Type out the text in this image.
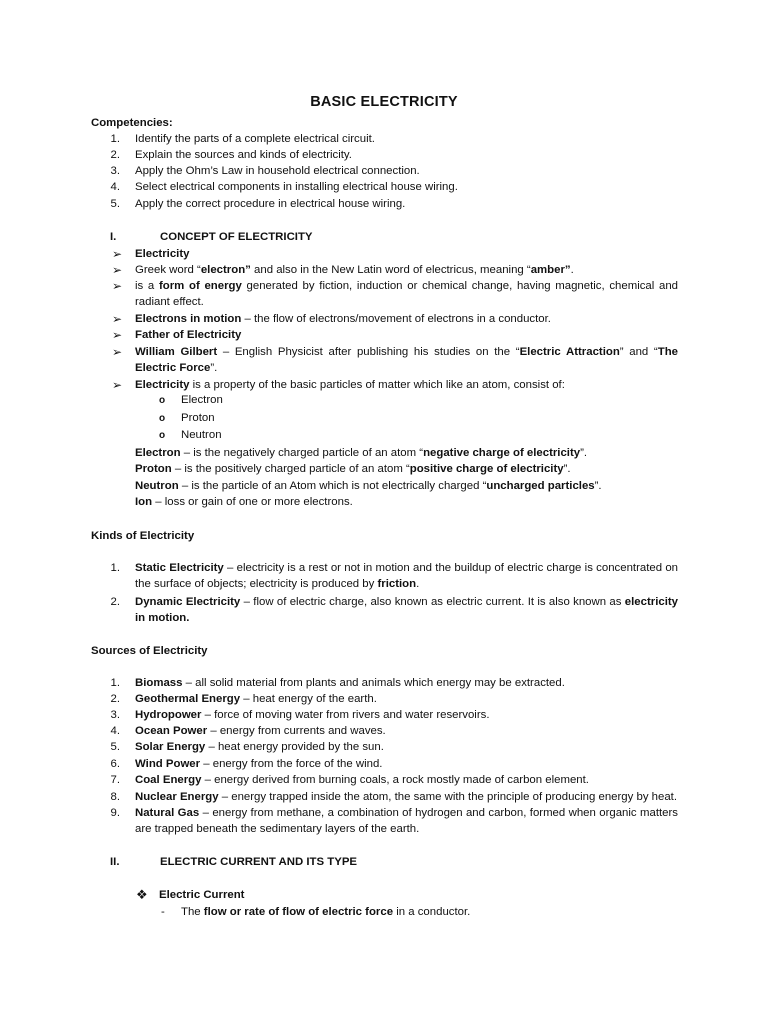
BASIC ELECTRICITY
Competencies:
1. Identify the parts of a complete electrical circuit.
2. Explain the sources and kinds of electricity.
3. Apply the Ohm’s Law in household electrical connection.
4. Select electrical components in installing electrical house wiring.
5. Apply the correct procedure in electrical house wiring.
I.	CONCEPT OF ELECTRICITY
➢ Electricity
➢ Greek word “electron” and also in the New Latin word of electricus, meaning “amber”.
➢ is a form of energy generated by fiction, induction or chemical change, having magnetic, chemical and radiant effect.
➢ Electrons in motion – the flow of electrons/movement of electrons in a conductor.
➢ Father of Electricity
➢ William Gilbert – English Physicist after publishing his studies on the “Electric Attraction” and “The Electric Force”.
➢ Electricity is a property of the basic particles of matter which like an atom, consist of:
o Electron
o Proton
o Neutron
Electron – is the negatively charged particle of an atom “negative charge of electricity”.
Proton – is the positively charged particle of an atom “positive charge of electricity”.
Neutron – is the particle of an Atom which is not electrically charged “uncharged particles”.
Ion – loss or gain of one or more electrons.
Kinds of Electricity
1. Static Electricity – electricity is a rest or not in motion and the buildup of electric charge is concentrated on the surface of objects; electricity is produced by friction.
2. Dynamic Electricity – flow of electric charge, also known as electric current. It is also known as electricity in motion.
Sources of Electricity
1. Biomass – all solid material from plants and animals which energy may be extracted.
2. Geothermal Energy – heat energy of the earth.
3. Hydropower – force of moving water from rivers and water reservoirs.
4. Ocean Power – energy from currents and waves.
5. Solar Energy – heat energy provided by the sun.
6. Wind Power – energy from the force of the wind.
7. Coal Energy – energy derived from burning coals, a rock mostly made of carbon element.
8. Nuclear Energy – energy trapped inside the atom, the same with the principle of producing energy by heat.
9. Natural Gas – energy from methane, a combination of hydrogen and carbon, formed when organic matters are trapped beneath the sedimentary layers of the earth.
II.	ELECTRIC CURRENT AND ITS TYPE
❖ Electric Current
- The flow or rate of flow of electric force in a conductor.
